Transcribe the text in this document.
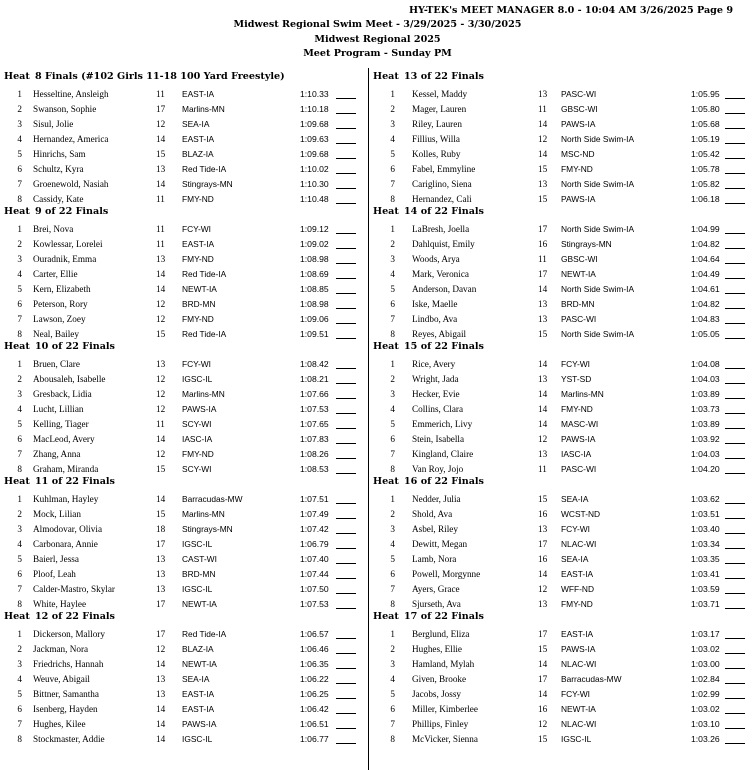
HY-TEK's MEET MANAGER 8.0 - 10:04 AM 3/26/2025 Page 9
Midwest Regional Swim Meet - 3/29/2025 - 3/30/2025
Midwest Regional 2025
Meet Program - Sunday PM
Heat 8 Finals (#102 Girls 11-18 100 Yard Freestyle)
1 Hesseltine, Ansleigh	11 EAST-IA	1:10.33
2 Swanson, Sophie	17 Marlins-MN	1:10.18
3 Sisul, Jolie	12 SEA-IA	1:09.68
4 Hernandez, America	14 EAST-IA	1:09.63
5 Hinrichs, Sam	15 BLAZ-IA	1:09.68
6 Schultz, Kyra	13 Red Tide-IA	1:10.02
7 Groenewold, Nasiah	14 Stingrays-MN	1:10.30
8 Cassidy, Kate	11 FMY-ND	1:10.48
Heat 9 of 22 Finals
1 Brei, Nova	11 FCY-WI	1:09.12
2 Kowlessar, Lorelei	11 EAST-IA	1:09.02
3 Ouradnik, Emma	13 FMY-ND	1:08.98
4 Carter, Ellie	14 Red Tide-IA	1:08.69
5 Kern, Elizabeth	14 NEWT-IA	1:08.85
6 Peterson, Rory	12 BRD-MN	1:08.98
7 Lawson, Zoey	12 FMY-ND	1:09.06
8 Neal, Bailey	15 Red Tide-IA	1:09.51
Heat 10 of 22 Finals
1 Bruen, Clare	13 FCY-WI	1:08.42
2 Abousaleh, Isabelle	12 IGSC-IL	1:08.21
3 Gresback, Lidia	12 Marlins-MN	1:07.66
4 Lucht, Lillian	12 PAWS-IA	1:07.53
5 Kelling, Tiager	11 SCY-WI	1:07.65
6 MacLeod, Avery	14 IASC-IA	1:07.83
7 Zhang, Anna	12 FMY-ND	1:08.26
8 Graham, Miranda	15 SCY-WI	1:08.53
Heat 11 of 22 Finals
1 Kuhlman, Hayley	14 Barracudas-MW	1:07.51
2 Mock, Lilian	15 Marlins-MN	1:07.49
3 Almodovar, Olivia	18 Stingrays-MN	1:07.42
4 Carbonara, Annie	17 IGSC-IL	1:06.79
5 Baierl, Jessa	13 CAST-WI	1:07.40
6 Ploof, Leah	13 BRD-MN	1:07.44
7 Calder-Mastro, Skylar	13 IGSC-IL	1:07.50
8 White, Haylee	17 NEWT-IA	1:07.53
Heat 12 of 22 Finals
1 Dickerson, Mallory	17 Red Tide-IA	1:06.57
2 Jackman, Nora	12 BLAZ-IA	1:06.46
3 Friedrichs, Hannah	14 NEWT-IA	1:06.35
4 Weuve, Abigail	13 SEA-IA	1:06.22
5 Bittner, Samantha	13 EAST-IA	1:06.25
6 Isenberg, Hayden	14 EAST-IA	1:06.42
7 Hughes, Kilee	14 PAWS-IA	1:06.51
8 Stockmaster, Addie	14 IGSC-IL	1:06.77
Heat 13 of 22 Finals
1 Kessel, Maddy	13 PASC-WI	1:05.95
2 Mager, Lauren	11 GBSC-WI	1:05.80
3 Riley, Lauren	14 PAWS-IA	1:05.68
4 Fillius, Willa	12 North Side Swim-IA	1:05.19
5 Kolles, Ruby	14 MSC-ND	1:05.42
6 Fabel, Emmyline	15 FMY-ND	1:05.78
7 Cariglino, Siena	13 North Side Swim-IA	1:05.82
8 Hernandez, Cali	15 PAWS-IA	1:06.18
Heat 14 of 22 Finals
1 LaBresh, Joella	17 North Side Swim-IA	1:04.99
2 Dahlquist, Emily	16 Stingrays-MN	1:04.82
3 Woods, Arya	11 GBSC-WI	1:04.64
4 Mark, Veronica	17 NEWT-IA	1:04.49
5 Anderson, Davan	14 North Side Swim-IA	1:04.61
6 Iske, Maelle	13 BRD-MN	1:04.82
7 Lindbo, Ava	13 PASC-WI	1:04.83
8 Reyes, Abigail	15 North Side Swim-IA	1:05.05
Heat 15 of 22 Finals
1 Rice, Avery	14 FCY-WI	1:04.08
2 Wright, Jada	13 YST-SD	1:04.03
3 Hecker, Evie	14 Marlins-MN	1:03.89
4 Collins, Clara	14 FMY-ND	1:03.73
5 Emmerich, Livy	14 MASC-WI	1:03.89
6 Stein, Isabella	12 PAWS-IA	1:03.92
7 Kingland, Claire	13 IASC-IA	1:04.03
8 Van Roy, Jojo	11 PASC-WI	1:04.20
Heat 16 of 22 Finals
1 Nedder, Julia	15 SEA-IA	1:03.62
2 Shold, Ava	16 WCST-ND	1:03.51
3 Asbel, Riley	13 FCY-WI	1:03.40
4 Dewitt, Megan	17 NLAC-WI	1:03.34
5 Lamb, Nora	16 SEA-IA	1:03.35
6 Powell, Morgynne	14 EAST-IA	1:03.41
7 Ayers, Grace	12 WFF-ND	1:03.59
8 Sjurseth, Ava	13 FMY-ND	1:03.71
Heat 17 of 22 Finals
1 Berglund, Eliza	17 EAST-IA	1:03.17
2 Hughes, Ellie	15 PAWS-IA	1:03.02
3 Hamland, Mylah	14 NLAC-WI	1:03.00
4 Given, Brooke	17 Barracudas-MW	1:02.84
5 Jacobs, Jossy	14 FCY-WI	1:02.99
6 Miller, Kimberlee	16 NEWT-IA	1:03.02
7 Phillips, Finley	12 NLAC-WI	1:03.10
8 McVicker, Sienna	15 IGSC-IL	1:03.26
